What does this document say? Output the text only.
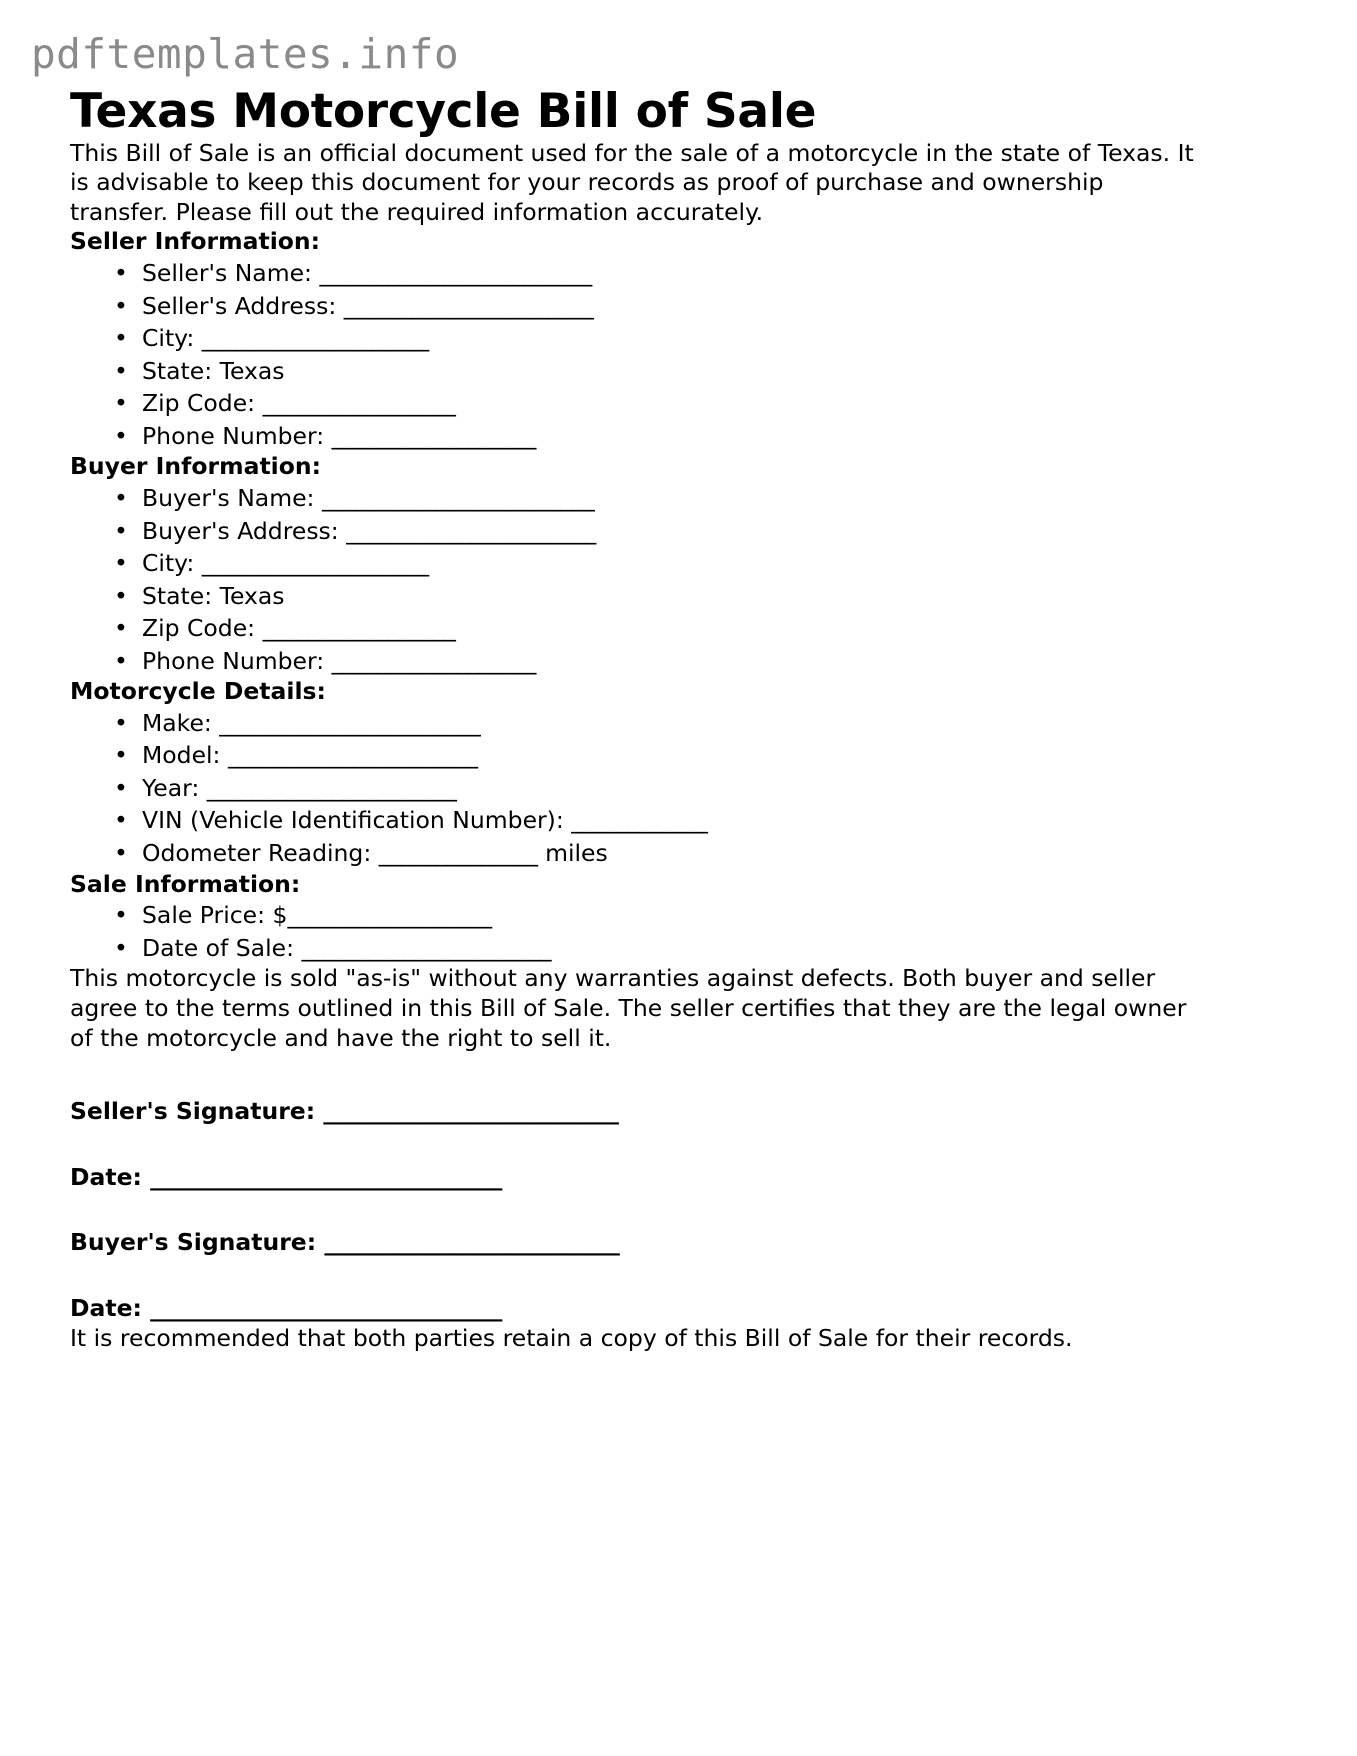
pdftemplates.info
Texas Motorcycle Bill of Sale

This Bill of Sale is an official document used for the sale of a motorcycle in the state of Texas. It is advisable to keep this document for your records as proof of purchase and ownership transfer. Please fill out the required information accurately.

Seller Information:
• Seller's Name: ________________________
• Seller's Address: ______________________
• City: ____________________
• State: Texas
• Zip Code: _________________
• Phone Number: __________________
Buyer Information:
• Buyer's Name: ________________________
• Buyer's Address: ______________________
• City: ____________________
• State: Texas
• Zip Code: _________________
• Phone Number: __________________
Motorcycle Details:
• Make: _______________________
• Model: ______________________
• Year: ______________________
• VIN (Vehicle Identification Number): ____________
• Odometer Reading: ______________ miles
Sale Information:
• Sale Price: $__________________
• Date of Sale: ______________________

This motorcycle is sold "as-is" without any warranties against defects. Both buyer and seller agree to the terms outlined in this Bill of Sale. The seller certifies that they are the legal owner of the motorcycle and have the right to sell it.

Seller's Signature: __________________________

Date: _______________________________

Buyer's Signature: __________________________

Date: _______________________________

It is recommended that both parties retain a copy of this Bill of Sale for their records.
